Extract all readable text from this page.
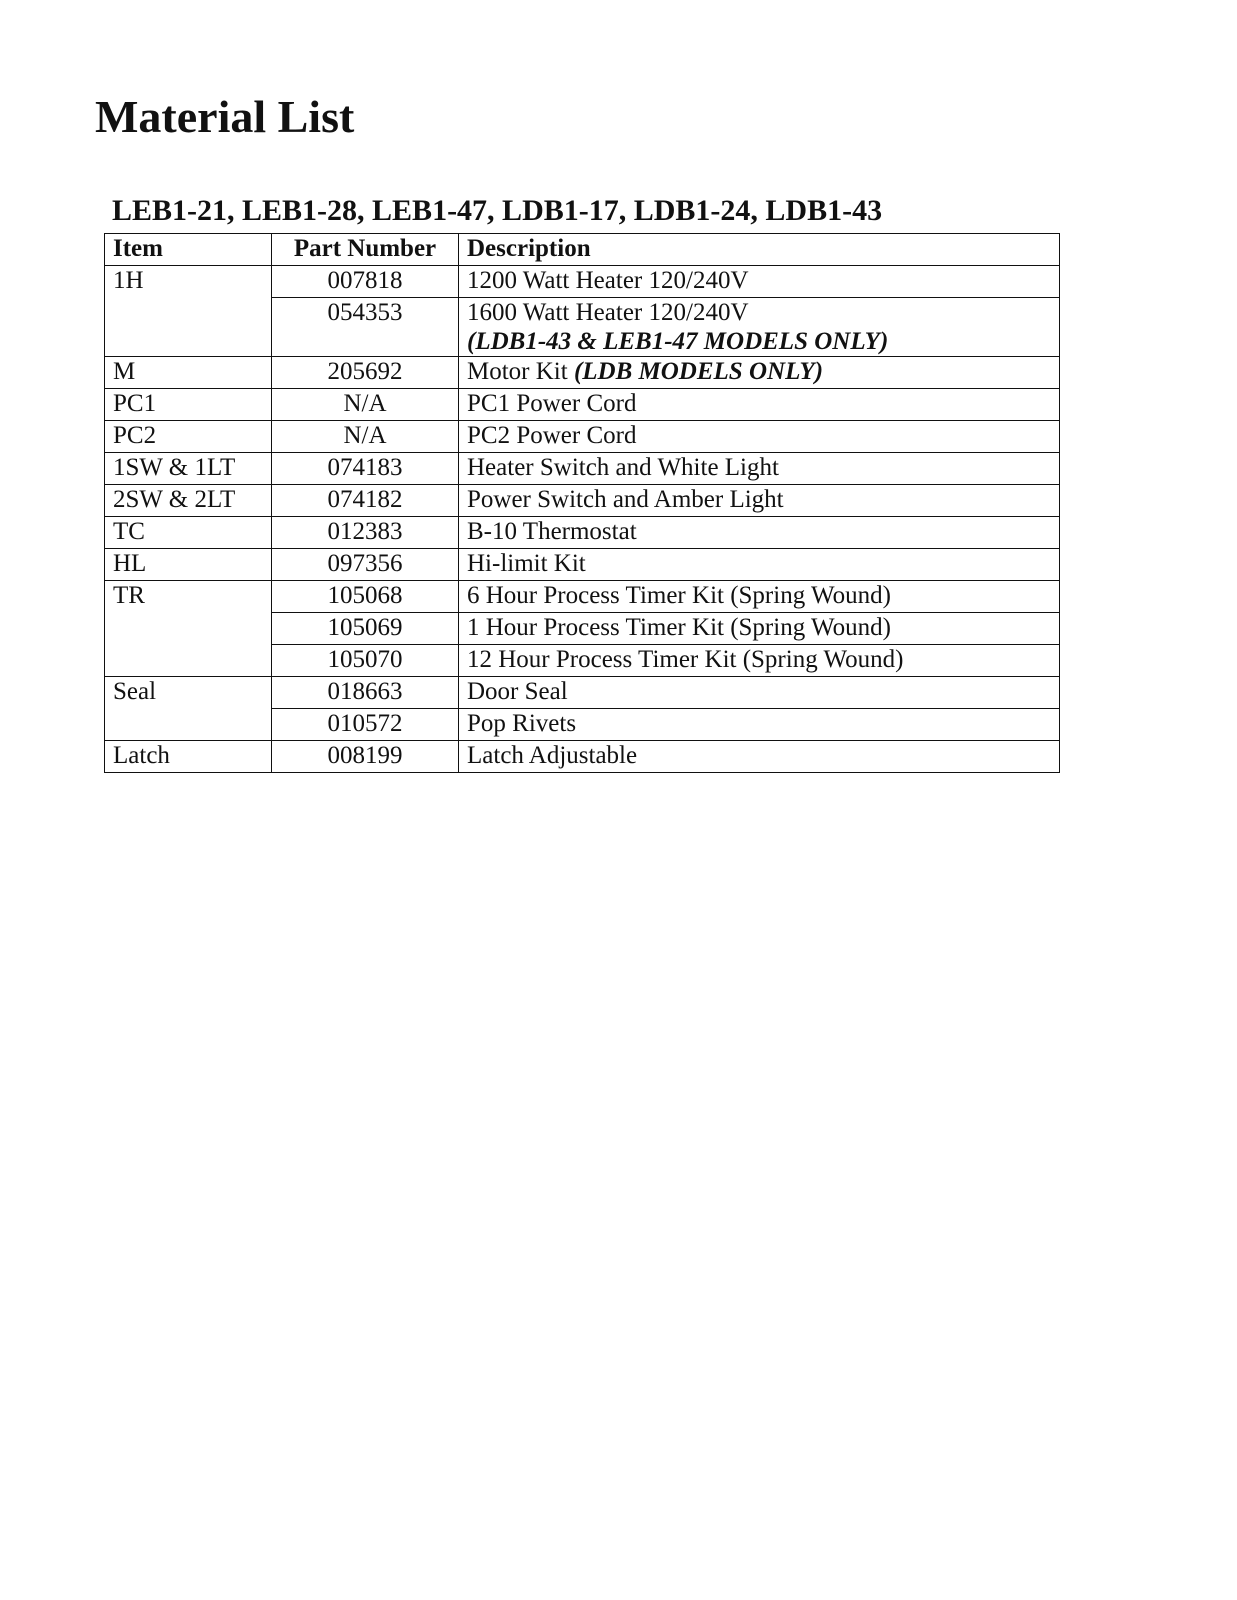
Material List
LEB1-21, LEB1-28, LEB1-47, LDB1-17, LDB1-24, LDB1-43
Item	Part Number	Description
1H	007818	1200 Watt Heater 120/240V
	054353	1600 Watt Heater 120/240V
(LDB1-43 & LEB1-47 MODELS ONLY)

M	205692	Motor Kit (LDB MODELS ONLY)
PC1	N/A	PC1 Power Cord
PC2	N/A	PC2 Power Cord
1SW & 1LT	074183	Heater Switch and White Light
2SW & 2LT	074182	Power Switch and Amber Light
TC	012383	B-10 Thermostat
HL	097356	Hi-limit Kit
TR	105068	6 Hour Process Timer Kit (Spring Wound)
	105069	1 Hour Process Timer Kit (Spring Wound)
	105070	12 Hour Process Timer Kit (Spring Wound)
Seal	018663	Door Seal
	010572	Pop Rivets
Latch	008199	Latch Adjustable
